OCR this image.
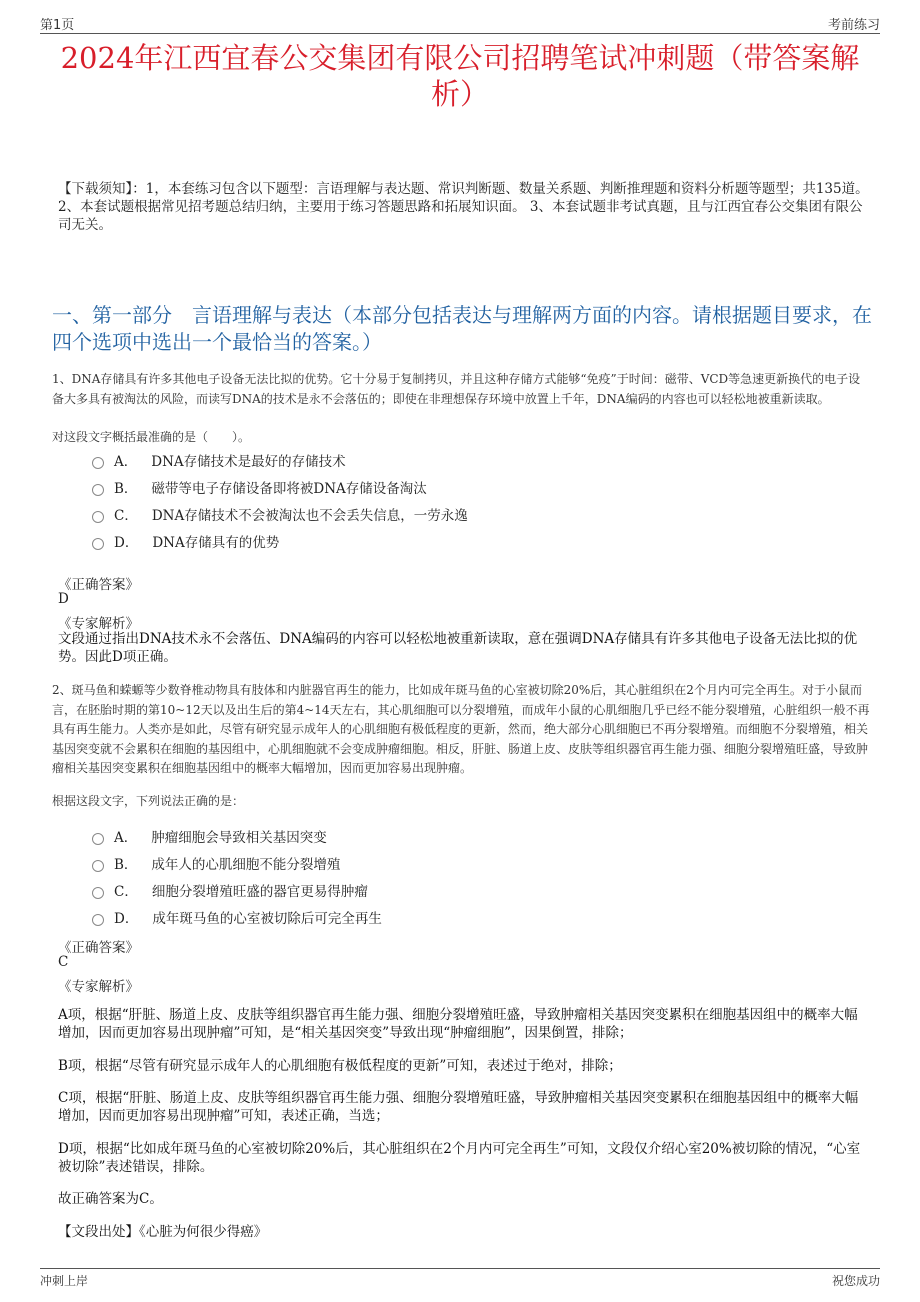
第1页	考前练习
2024年江西宜春公交集团有限公司招聘笔试冲刺题（带答案解析）
【下载须知】：1，本套练习包含以下题型：言语理解与表达题、常识判断题、数量关系题、判断推理题和资料分析题等题型；共135道。 2、本套试题根据常见招考题总结归纳，主要用于练习答题思路和拓展知识面。 3、本套试题非考试真题，且与江西宜春公交集团有限公司无关。
一、第一部分　言语理解与表达（本部分包括表达与理解两方面的内容。请根据题目要求，在四个选项中选出一个最恰当的答案。）
1、DNA存储具有许多其他电子设备无法比拟的优势。它十分易于复制拷贝，并且这种存储方式能够“免疫”于时间：磁带、VCD等急速更新换代的电子设备大多具有被淘汰的风险，而读写DNA的技术是永不会落伍的；即使在非理想保存环境中放置上千年，DNA编码的内容也可以轻松地被重新读取。
对这段文字概括最准确的是（　　）。
A． DNA存储技术是最好的存储技术
B． 磁带等电子存储设备即将被DNA存储设备淘汰
C． DNA存储技术不会被淘汰也不会丢失信息，一劳永逸
D． DNA存储具有的优势
《正确答案》
D
《专家解析》
文段通过指出DNA技术永不会落伍、DNA编码的内容可以轻松地被重新读取，意在强调DNA存储具有许多其他电子设备无法比拟的优势。因此D项正确。
2、斑马鱼和蝾螈等少数脊椎动物具有肢体和内脏器官再生的能力，比如成年斑马鱼的心室被切除20%后，其心脏组织在2个月内可完全再生。对于小鼠而言，在胚胎时期的第10~12天以及出生后的第4~14天左右，其心肌细胞可以分裂增殖，而成年小鼠的心肌细胞几乎已经不能分裂增殖，心脏组织一般不再具有再生能力。人类亦是如此，尽管有研究显示成年人的心肌细胞有极低程度的更新，然而，绝大部分心肌细胞已不再分裂增殖。而细胞不分裂增殖，相关基因突变就不会累积在细胞的基因组中，心肌细胞就不会变成肿瘤细胞。相反，肝脏、肠道上皮、皮肤等组织器官再生能力强、细胞分裂增殖旺盛，导致肿瘤相关基因突变累积在细胞基因组中的概率大幅增加，因而更加容易出现肿瘤。
根据这段文字，下列说法正确的是：
A． 肿瘤细胞会导致相关基因突变
B． 成年人的心肌细胞不能分裂增殖
C． 细胞分裂增殖旺盛的器官更易得肿瘤
D． 成年斑马鱼的心室被切除后可完全再生
《正确答案》
C
《专家解析》
A项，根据“肝脏、肠道上皮、皮肤等组织器官再生能力强、细胞分裂增殖旺盛，导致肿瘤相关基因突变累积在细胞基因组中的概率大幅增加，因而更加容易出现肿瘤”可知，是“相关基因突变”导致出现“肿瘤细胞”，因果倒置，排除；
B项，根据“尽管有研究显示成年人的心肌细胞有极低程度的更新”可知，表述过于绝对，排除；
C项，根据“肝脏、肠道上皮、皮肤等组织器官再生能力强、细胞分裂增殖旺盛，导致肿瘤相关基因突变累积在细胞基因组中的概率大幅增加，因而更加容易出现肿瘤”可知，表述正确，当选；
D项，根据“比如成年斑马鱼的心室被切除20%后，其心脏组织在2个月内可完全再生”可知，文段仅介绍心室20%被切除的情况，“心室被切除”表述错误，排除。
故正确答案为C。
【文段出处】《心脏为何很少得癌》
冲刺上岸	祝您成功
